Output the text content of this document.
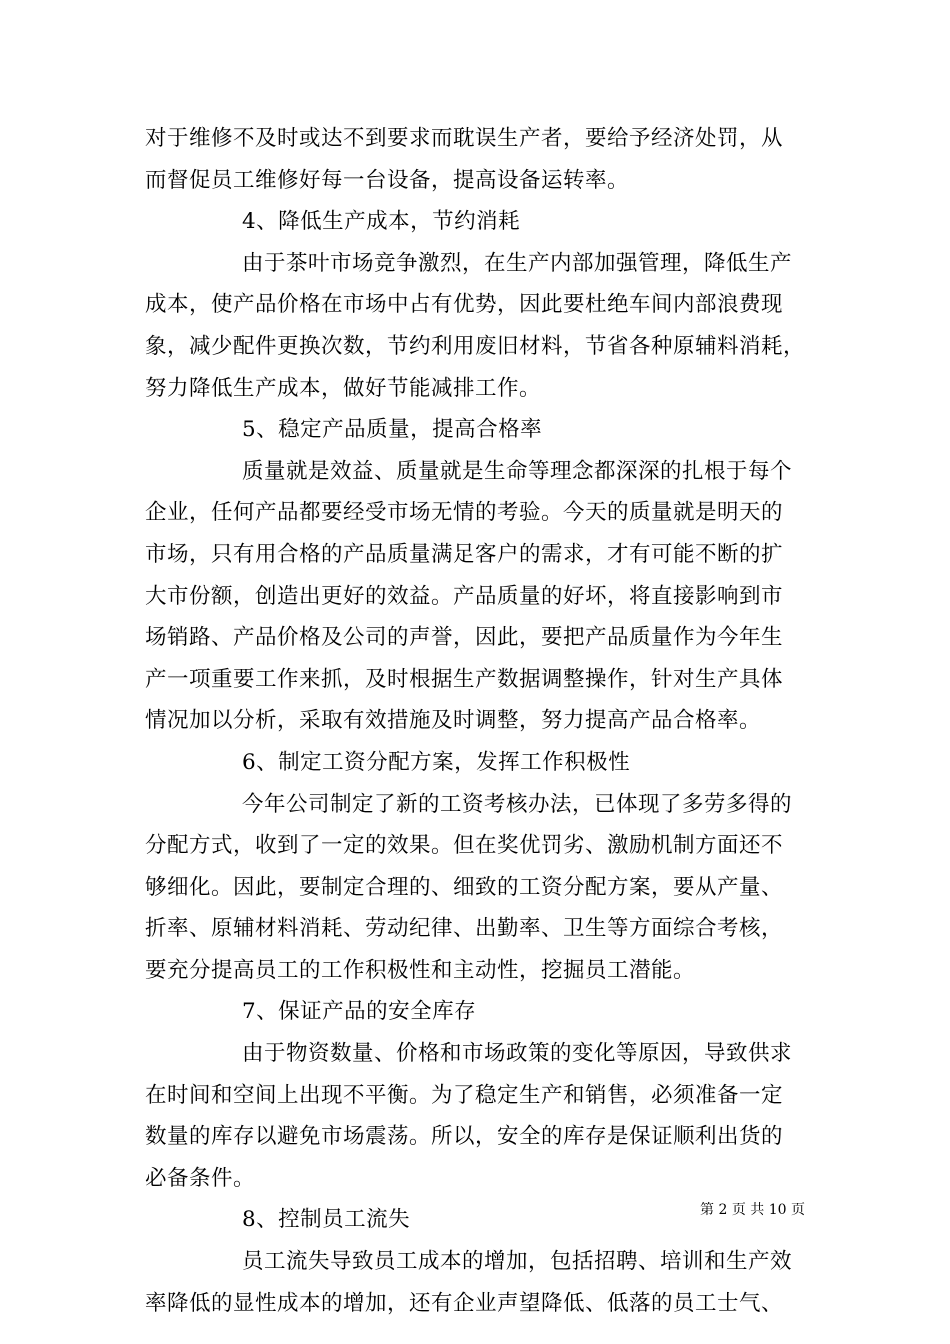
对于维修不及时或达不到要求而耽误生产者，要给予经济处罚，从
而督促员工维修好每一台设备，提高设备运转率。
4、降低生产成本，节约消耗
由于茶叶市场竞争激烈，在生产内部加强管理，降低生产
成本，使产品价格在市场中占有优势，因此要杜绝车间内部浪费现
象，减少配件更换次数，节约利用废旧材料，节省各种原辅料消耗，
努力降低生产成本，做好节能减排工作。
5、稳定产品质量，提高合格率
质量就是效益、质量就是生命等理念都深深的扎根于每个
企业，任何产品都要经受市场无情的考验。今天的质量就是明天的
市场，只有用合格的产品质量满足客户的需求，才有可能不断的扩
大市份额，创造出更好的效益。产品质量的好坏，将直接影响到市
场销路、产品价格及公司的声誉，因此，要把产品质量作为今年生
产一项重要工作来抓，及时根据生产数据调整操作，针对生产具体
情况加以分析，采取有效措施及时调整，努力提高产品合格率。
6、制定工资分配方案，发挥工作积极性
今年公司制定了新的工资考核办法，已体现了多劳多得的
分配方式，收到了一定的效果。但在奖优罚劣、激励机制方面还不
够细化。因此，要制定合理的、细致的工资分配方案，要从产量、
折率、原辅材料消耗、劳动纪律、出勤率、卫生等方面综合考核，
要充分提高员工的工作积极性和主动性，挖掘员工潜能。
7、保证产品的安全库存
由于物资数量、价格和市场政策的变化等原因，导致供求
在时间和空间上出现不平衡。为了稳定生产和销售，必须准备一定
数量的库存以避免市场震荡。所以，安全的库存是保证顺利出货的
必备条件。
8、控制员工流失
员工流失导致员工成本的增加，包括招聘、培训和生产效
率降低的显性成本的增加，还有企业声望降低、低落的员工士气、
第 2 页 共 10 页
